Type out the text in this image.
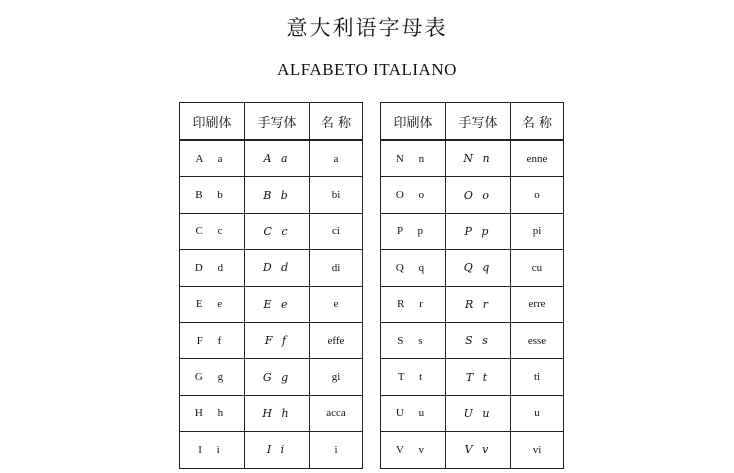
意大利语字母表
ALFABETO ITALIANO
印刷体	手写体	名 称
A a	A a	a
B b	B b	bi
C c	C c	ci
D d	D d	di
E e	E e	e
F f	F f	effe
G g	G g	gi
H h	H h	acca
I i	I i	i
印刷体	手写体	名 称
N n	N n	enne
O o	O o	o
P p	P p	pi
Q q	Q q	cu
R r	R r	erre
S s	S s	esse
T t	T t	ti
U u	U u	u
V v	V v	vi
